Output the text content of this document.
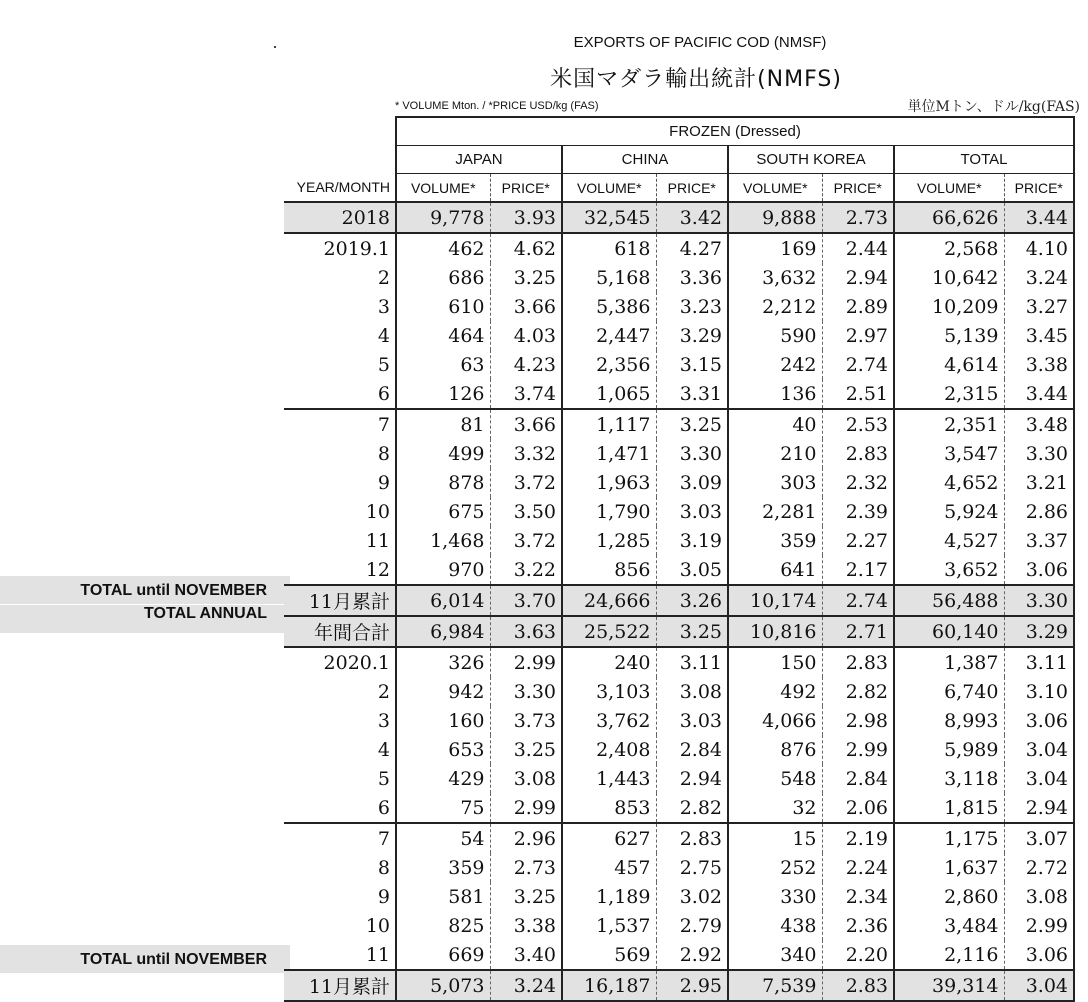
EXPORTS OF PACIFIC COD (NMSF)
米国マダラ輸出統計(NMFS)
* VOLUME Mton. / *PRICE USD/kg (FAS)	単位Mトン、ドル/kg(FAS)
TOTAL until NOVEMBER
TOTAL ANNUAL
TOTAL until NOVEMBER
	FROZEN (Dressed)							
	JAPAN		CHINA		SOUTH KOREA		TOTAL	
YEAR/MONTH	VOLUME*	PRICE*	VOLUME*	PRICE*	VOLUME*	PRICE*	VOLUME*	PRICE*
2018	9,778	3.93	32,545	3.42	9,888	2.73	66,626	3.44
2019.1	462	4.62	618	4.27	169	2.44	2,568	4.10
2	686	3.25	5,168	3.36	3,632	2.94	10,642	3.24
3	610	3.66	5,386	3.23	2,212	2.89	10,209	3.27
4	464	4.03	2,447	3.29	590	2.97	5,139	3.45
5	63	4.23	2,356	3.15	242	2.74	4,614	3.38
6	126	3.74	1,065	3.31	136	2.51	2,315	3.44
7	81	3.66	1,117	3.25	40	2.53	2,351	3.48
8	499	3.32	1,471	3.30	210	2.83	3,547	3.30
9	878	3.72	1,963	3.09	303	2.32	4,652	3.21
10	675	3.50	1,790	3.03	2,281	2.39	5,924	2.86
11	1,468	3.72	1,285	3.19	359	2.27	4,527	3.37
12	970	3.22	856	3.05	641	2.17	3,652	3.06
11月累計	6,014	3.70	24,666	3.26	10,174	2.74	56,488	3.30
年間合計	6,984	3.63	25,522	3.25	10,816	2.71	60,140	3.29
2020.1	326	2.99	240	3.11	150	2.83	1,387	3.11
2	942	3.30	3,103	3.08	492	2.82	6,740	3.10
3	160	3.73	3,762	3.03	4,066	2.98	8,993	3.06
4	653	3.25	2,408	2.84	876	2.99	5,989	3.04
5	429	3.08	1,443	2.94	548	2.84	3,118	3.04
6	75	2.99	853	2.82	32	2.06	1,815	2.94
7	54	2.96	627	2.83	15	2.19	1,175	3.07
8	359	2.73	457	2.75	252	2.24	1,637	2.72
9	581	3.25	1,189	3.02	330	2.34	2,860	3.08
10	825	3.38	1,537	2.79	438	2.36	3,484	2.99
11	669	3.40	569	2.92	340	2.20	2,116	3.06
11月累計	5,073	3.24	16,187	2.95	7,539	2.83	39,314	3.04
